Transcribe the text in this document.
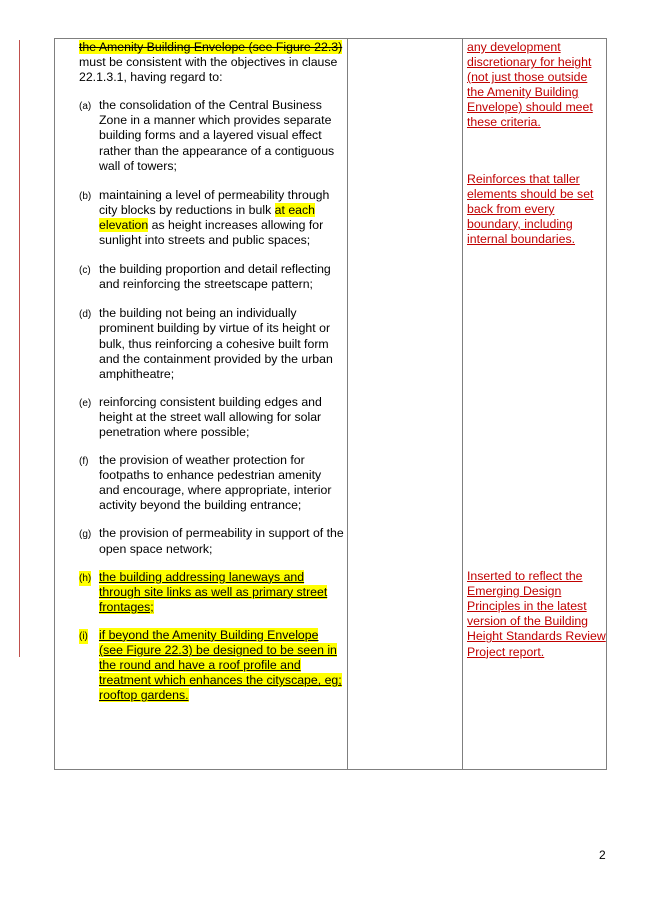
the Amenity Building Envelope (see Figure 22.3) must be consistent with the objectives in clause 22.1.3.1, having regard to:

(a) the consolidation of the Central Business Zone in a manner which provides separate building forms and a layered visual effect rather than the appearance of a contiguous wall of towers;

(b) maintaining a level of permeability through city blocks by reductions in bulk at each elevation as height increases allowing for sunlight into streets and public spaces;

(c) the building proportion and detail reflecting and reinforcing the streetscape pattern;

(d) the building not being an individually prominent building by virtue of its height or bulk, thus reinforcing a cohesive built form and the containment provided by the urban amphitheatre;

(e) reinforcing consistent building edges and height at the street wall allowing for solar penetration where possible;

(f) the provision of weather protection for footpaths to enhance pedestrian amenity and encourage, where appropriate, interior activity beyond the building entrance;

(g) the provision of permeability in support of the open space network;

(h) the building addressing laneways and through site links as well as primary street frontages;

(i) if beyond the Amenity Building Envelope (see Figure 22.3) be designed to be seen in the round and have a roof profile and treatment which enhances the cityscape, eg; rooftop gardens.

any development discretionary for height (not just those outside the Amenity Building Envelope) should meet these criteria.

Reinforces that taller elements should be set back from every boundary, including internal boundaries.

Inserted to reflect the Emerging Design Principles in the latest version of the Building Height Standards Review Project report.

2
